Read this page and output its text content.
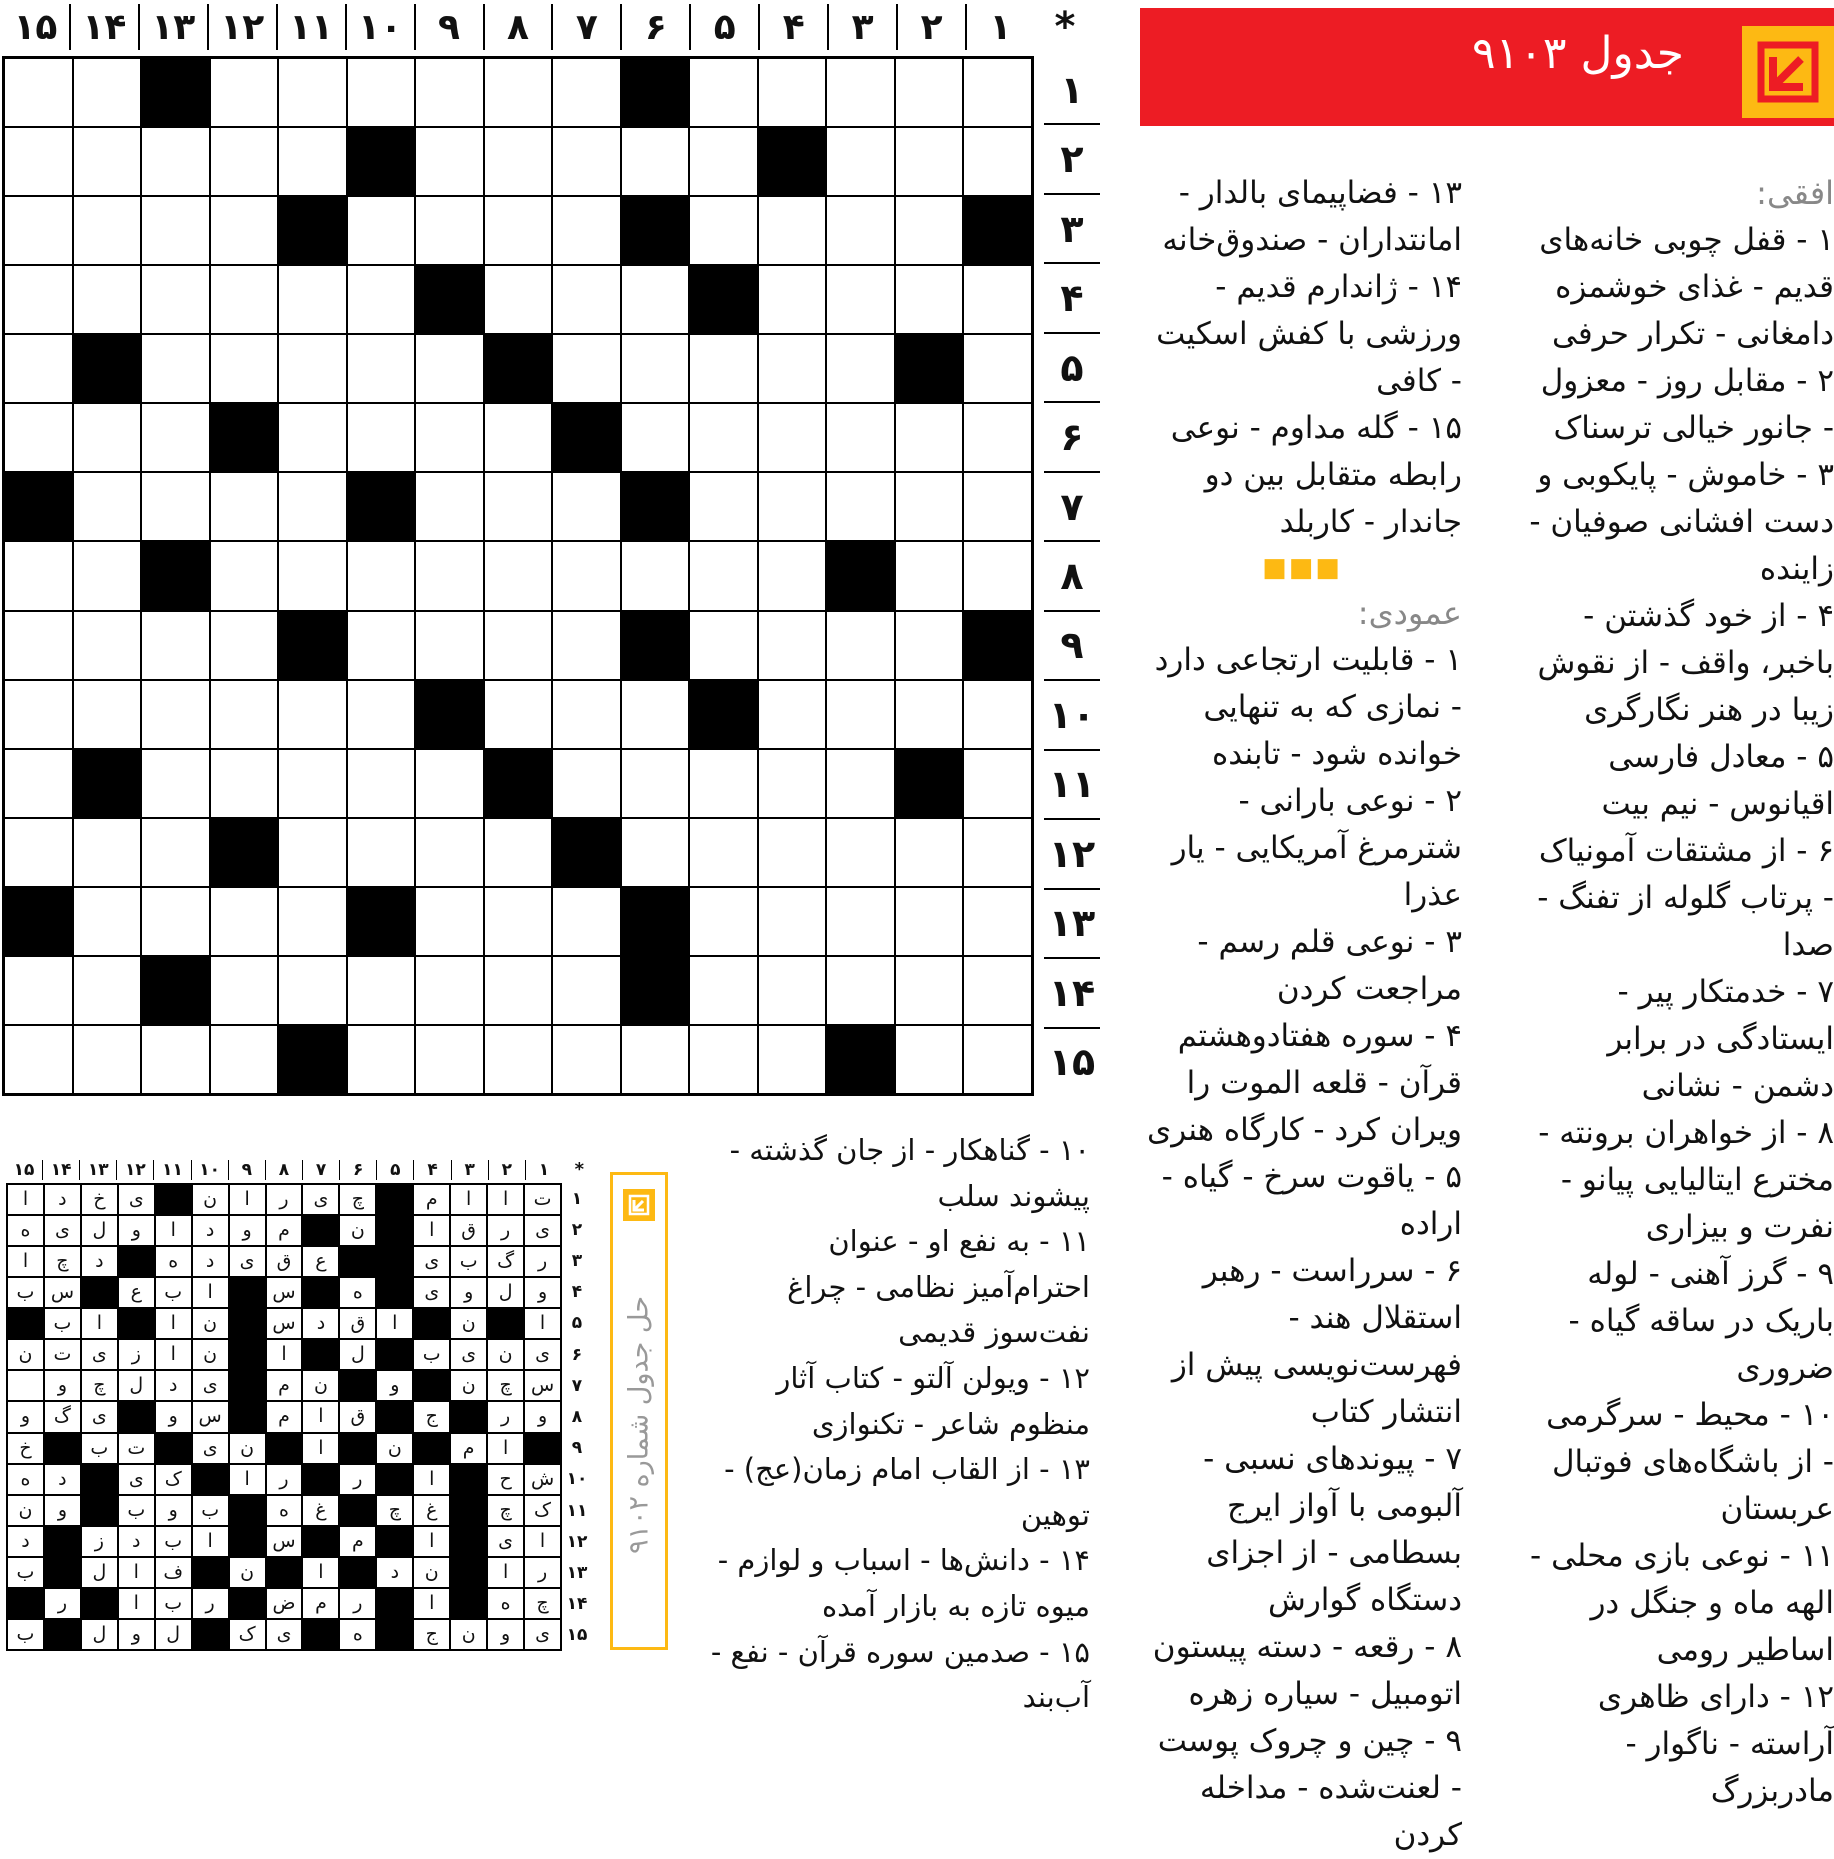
*
۱
۲
۳
۴
۵
۶
۷
۸
۹
۱۰
۱۱
۱۲
۱۳
۱۴
۱۵
۱
۲
۳
۴
۵
۶
۷
۸
۹
۱۰
۱۱
۱۲
۱۳
۱۴
۱۵
جدول ۹۱۰۳
افقی:

۱ - قفل چوبی خانه‌های قدیم - غذای خوشمزه دامغانی - تکرار حرفی

۲ - مقابل روز - معزول - جانور خیالی ترسناک

۳ - خاموش - پایکوبی و دست افشانی صوفیان - زاینده

۴ - از خود گذشتن - باخبر، واقف - از نقوش زیبا در هنر نگارگری

۵ - معادل فارسی اقیانوس - نیم بیت

۶ - از مشتقات آمونیاک - پرتاب گلوله از تفنگ - صدا

۷ - خدمتکار پیر - ایستادگی در برابر دشمن - نشانی

۸ - از خواهران برونته - مخترع ایتالیایی پیانو - نفرت و بیزاری

۹ - گرز آهنی - لوله باریک در ساقه گیاه - ضروری

۱۰ - محیط - سرگرمی - از باشگاه‌های فوتبال عربستان

۱۱ - نوعی بازی محلی - الهه ماه و جنگل در اساطیر رومی

۱۲ - دارای ظاهری آراسته - ناگوار - مادربزرگ

۱۳ - فضاپیمای بالدار - امانتداران - صندوق‌خانه

۱۴ - ژاندارم قدیم - ورزشی با کفش اسکیت - کافی

۱۵ - گله مداوم - نوعی رابطه متقابل بین دو جاندار - کاربلد

■■■
عمودی:

۱ - قابلیت ارتجاعی دارد - نمازی که به تنهایی خوانده شود - تابنده

۲ - نوعی بارانی - شترمرغ آمریکایی - یار عذرا

۳ - نوعی قلم رسم - مراجعت کردن

۴ - سوره هفتادوهشتم قرآن - قلعه الموت را ویران کرد - کارگاه هنری

۵ - یاقوت سرخ - گیاه - اراده

۶ - سرراست - رهبر استقلال هند - فهرست‌نویسی پیش از انتشار کتاب

۷ - پیوندهای نسبی - آلبومی با آواز ایرج بسطامی - از اجزای دستگاه گوارش

۸ - رقعه - دسته پیستون اتومبیل - سیاره زهره

۹ - چین و چروک پوست - لعنت‌شده - مداخله کردن

۱۰ - گناهکار - از جان گذشته - پیشوند سلب

۱۱ - به نفع او - عنوان احترام‌آمیز نظامی - چراغ نفت‌سوز قدیمی

۱۲ - ویولن آلتو - کتاب آثار منظوم شاعر - تکنوازی

۱۳ - از القاب امام زمان(عج) - توهین

۱۴ - دانش‌ها - اسباب و لوازم - میوه تازه به بازار آمده

۱۵ - صدمین سوره قرآن - نفع - آب‌بند

حل جدول شماره ۹۱۰۲
*
۱
۲
۳
۴
۵
۶
۷
۸
۹
۱۰
۱۱
۱۲
۱۳
۱۴
۱۵
ت
ا
ا
م
چ
ی
ر
ا
ن
ی
خ
د
ا
ی
ر
ق
ا
ن
م
و
د
ا
و
ل
ی
ه
ر
گ
ب
ی
ع
ق
ی
د
ه
د
چ
ا
و
ل
و
ی
ه
س
ا
ب
ع
س
ب
ا
ن
ا
ق
د
س
ن
ا
ا
ب
ی
ن
ی
ب
ل
ا
ن
ا
ز
ی
ت
ن
س
چ
ن
و
ن
م
ی
د
ل
چ
و
و
ر
ج
ق
ا
م
س
و
ی
گ
و
ا
م
ن
ا
ن
ی
ت
ب
خ
ش
ح
ا
ر
ر
ا
ک
ی
د
ه
ک
چ
غ
چ
غ
ه
ب
و
ب
و
ن
ا
ی
ا
م
س
ا
ب
د
ز
د
ر
ا
ن
د
ا
ن
ف
ا
ل
ب
چ
ه
ا
ر
م
ض
ر
ب
ا
ر
ی
و
ن
ج
ه
ی
ک
ل
و
ل
ب
۱
۲
۳
۴
۵
۶
۷
۸
۹
۱۰
۱۱
۱۲
۱۳
۱۴
۱۵
